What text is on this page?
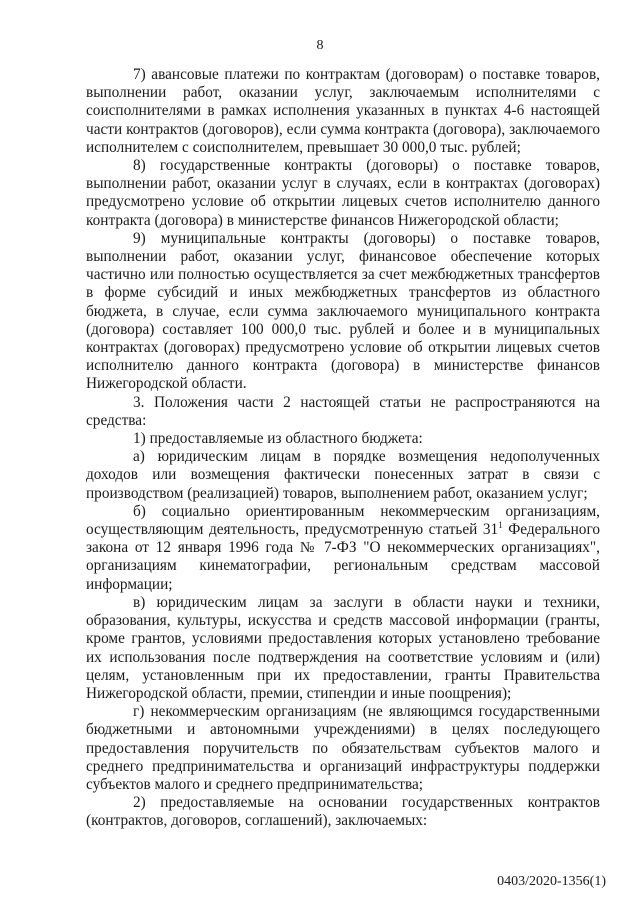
8

7) авансовые платежи по контрактам (договорам) о поставке товаров, выполнении работ, оказании услуг, заключаемым исполнителями с соисполнителями в рамках исполнения указанных в пунктах 4-6 настоящей части контрактов (договоров), если сумма контракта (договора), заключаемого исполнителем с соисполнителем, превышает 30 000,0 тыс. рублей;

8) государственные контракты (договоры) о поставке товаров, выполнении работ, оказании услуг в случаях, если в контрактах (договорах) предусмотрено условие об открытии лицевых счетов исполнителю данного контракта (договора) в министерстве финансов Нижегородской области;

9) муниципальные контракты (договоры) о поставке товаров, выполнении работ, оказании услуг, финансовое обеспечение которых частично или полностью осуществляется за счет межбюджетных трансфертов в форме субсидий и иных межбюджетных трансфертов из областного бюджета, в случае, если сумма заключаемого муниципального контракта (договора) составляет 100 000,0 тыс. рублей и более и в муниципальных контрактах (договорах) предусмотрено условие об открытии лицевых счетов исполнителю данного контракта (договора) в министерстве финансов Нижегородской области.

3. Положения части 2 настоящей статьи не распространяются на средства:

1) предоставляемые из областного бюджета:

а) юридическим лицам в порядке возмещения недополученных доходов или возмещения фактически понесенных затрат в связи с производством (реализацией) товаров, выполнением работ, оказанием услуг;

б) социально ориентированным некоммерческим организациям, осуществляющим деятельность, предусмотренную статьей $31^1$ Федерального закона от 12 января 1996 года № 7-ФЗ "О некоммерческих организациях", организациям кинематографии, региональным средствам массовой информации;

в) юридическим лицам за заслуги в области науки и техники, образования, культуры, искусства и средств массовой информации (гранты, кроме грантов, условиями предоставления которых установлено требование их использования после подтверждения на соответствие условиям и (или) целям, установленным при их предоставлении, гранты Правительства Нижегородской области, премии, стипендии и иные поощрения);

г) некоммерческим организациям (не являющимся государственными бюджетными и автономными учреждениями) в целях последующего предоставления поручительств по обязательствам субъектов малого и среднего предпринимательства и организаций инфраструктуры поддержки субъектов малого и среднего предпринимательства;

2) предоставляемые на основании государственных контрактов (контрактов, договоров, соглашений), заключаемых:

0403/2020-1356(1)
